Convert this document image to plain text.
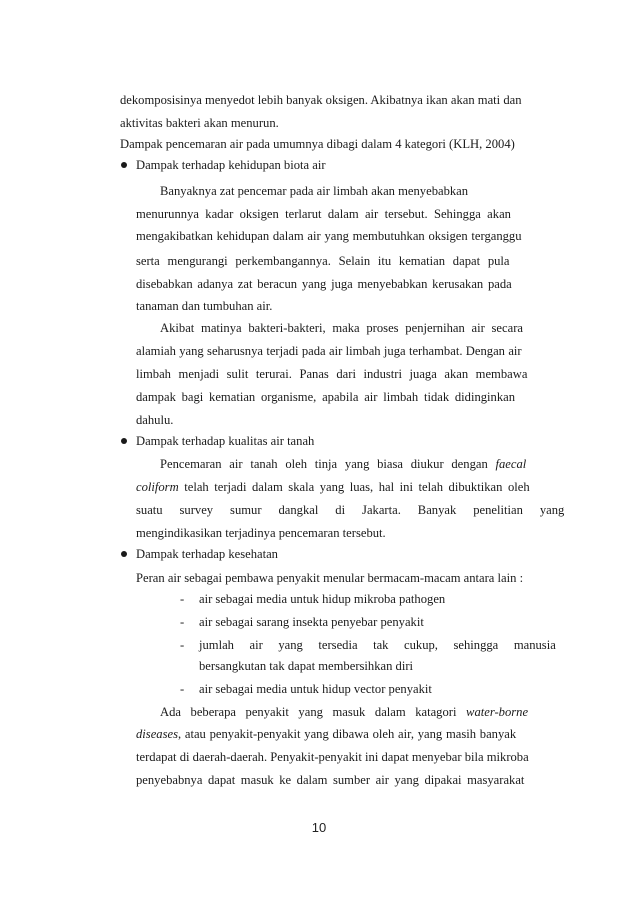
dekomposisinya menyedot lebih banyak oksigen. Akibatnya ikan akan mati dan
aktivitas bakteri akan menurun.
Dampak pencemaran air pada umumnya dibagi dalam 4 kategori (KLH, 2004)
Dampak terhadap kehidupan biota air
Banyaknya zat pencemar pada air limbah akan menyebabkan
menurunnya kadar oksigen terlarut dalam air tersebut. Sehingga akan
mengakibatkan kehidupan dalam air yang membutuhkan oksigen terganggu
serta mengurangi perkembangannya. Selain itu kematian dapat pula
disebabkan adanya zat beracun yang juga menyebabkan kerusakan pada
tanaman dan tumbuhan air.
Akibat matinya bakteri-bakteri, maka proses penjernihan air secara
alamiah yang seharusnya terjadi pada air limbah juga terhambat. Dengan air
limbah menjadi sulit terurai. Panas dari industri juaga akan membawa
dampak bagi kematian organisme, apabila air limbah tidak didinginkan
dahulu.
Dampak terhadap kualitas air tanah
Pencemaran air tanah oleh tinja yang biasa diukur dengan faecal
coliform telah terjadi dalam skala yang luas, hal ini telah dibuktikan oleh
suatu survey sumur dangkal di Jakarta. Banyak penelitian yang
mengindikasikan terjadinya pencemaran tersebut.
Dampak terhadap kesehatan
Peran air sebagai pembawa penyakit menular bermacam-macam antara lain :
- air sebagai media untuk hidup mikroba pathogen
- air sebagai sarang insekta penyebar penyakit
- jumlah air yang tersedia tak cukup, sehingga manusia
bersangkutan tak dapat membersihkan diri
- air sebagai media untuk hidup vector penyakit
Ada beberapa penyakit yang masuk dalam katagori water-borne
diseases, atau penyakit-penyakit yang dibawa oleh air, yang masih banyak
terdapat di daerah-daerah. Penyakit-penyakit ini dapat menyebar bila mikroba
penyebabnya dapat masuk ke dalam sumber air yang dipakai masyarakat
10
